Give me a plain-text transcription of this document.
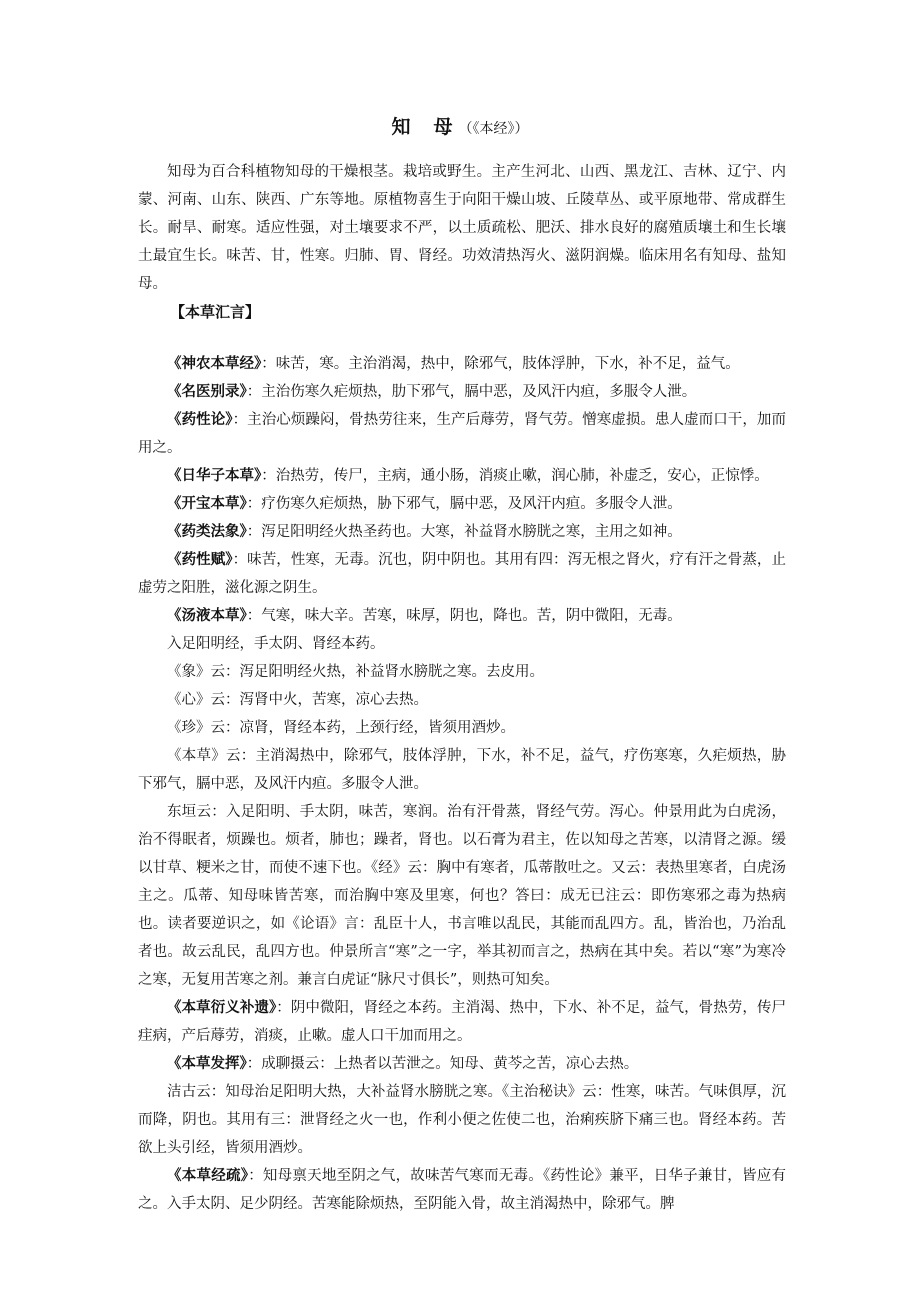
知　母 （《本经》）

知母为百合科植物知母的干燥根茎。栽培或野生。主产生河北、山西、黑龙江、吉林、辽宁、内蒙、河南、山东、陕西、广东等地。原植物喜生于向阳干燥山坡、丘陵草丛、或平原地带、常成群生长。耐旱、耐寒。适应性强，对土壤要求不严，以土质疏松、肥沃、排水良好的腐殖质壤土和生长壤土最宜生长。味苦、甘，性寒。归肺、胃、肾经。功效清热泻火、滋阴润燥。临床用名有知母、盐知母。

【本草汇言】

《神农本草经》：味苦，寒。主治消渴，热中，除邪气，肢体浮肿，下水，补不足，益气。

《名医别录》：主治伤寒久疟烦热，肋下邪气，膈中恶，及风汗内疸，多服令人泄。

《药性论》：主治心烦躁闷，骨热劳往来，生产后蓐劳，肾气劳。憎寒虚损。患人虚而口干，加而用之。

《日华子本草》：治热劳，传尸，主病，通小肠，消痰止嗽，润心肺，补虚乏，安心，正惊悸。

《开宝本草》：疗伤寒久疟烦热，胁下邪气，膈中恶，及风汗内疸。多服令人泄。

《药类法象》：泻足阳明经火热圣药也。大寒，补益肾水膀胱之寒，主用之如神。

《药性赋》：味苦，性寒，无毒。沉也，阴中阴也。其用有四：泻无根之肾火，疗有汗之骨蒸，止虚劳之阳胜，滋化源之阴生。

《汤液本草》：气寒，味大辛。苦寒，味厚，阴也，降也。苦，阴中微阳，无毒。

入足阳明经，手太阴、肾经本药。

《象》云：泻足阳明经火热，补益肾水膀胱之寒。去皮用。

《心》云：泻肾中火，苦寒，凉心去热。

《珍》云：凉肾，肾经本药，上颈行经，皆须用酒炒。

《本草》云：主消渴热中，除邪气，肢体浮肿，下水，补不足，益气，疗伤寒寒，久疟烦热，胁下邪气，膈中恶，及风汗内疸。多服令人泄。

东垣云：入足阳明、手太阴，味苦，寒润。治有汗骨蒸，肾经气劳。泻心。仲景用此为白虎汤，治不得眠者，烦躁也。烦者，肺也；躁者，肾也。以石膏为君主，佐以知母之苦寒，以清肾之源。缓以甘草、粳米之甘，而使不速下也。《经》云：胸中有寒者，瓜蒂散吐之。又云：表热里寒者，白虎汤主之。瓜蒂、知母味皆苦寒，而治胸中寒及里寒，何也？答曰：成无已注云：即伤寒邪之毒为热病也。读者要逆识之，如《论语》言：乱臣十人，书言唯以乱民，其能而乱四方。乱，皆治也，乃治乱者也。故云乱民，乱四方也。仲景所言“寒”之一字，举其初而言之，热病在其中矣。若以“寒”为寒冷之寒，无复用苦寒之剂。兼言白虎证“脉尺寸俱长”，则热可知矣。

《本草衍义补遗》：阴中微阳，肾经之本药。主消渴、热中，下水、补不足，益气，骨热劳，传尸疰病，产后蓐劳，消痰，止嗽。虚人口干加而用之。

《本草发挥》：成聊摄云：上热者以苦泄之。知母、黄芩之苦，凉心去热。

洁古云：知母治足阳明大热，大补益肾水膀胱之寒。《主治秘诀》云：性寒，味苦。气味俱厚，沉而降，阴也。其用有三：泄肾经之火一也，作利小便之佐使二也，治痢疾脐下痛三也。肾经本药。苦欲上头引经，皆须用酒炒。

《本草经疏》：知母禀天地至阴之气，故味苦气寒而无毒。《药性论》兼平，日华子兼甘，皆应有之。入手太阴、足少阴经。苦寒能除烦热，至阴能入骨，故主消渴热中，除邪气。脾
